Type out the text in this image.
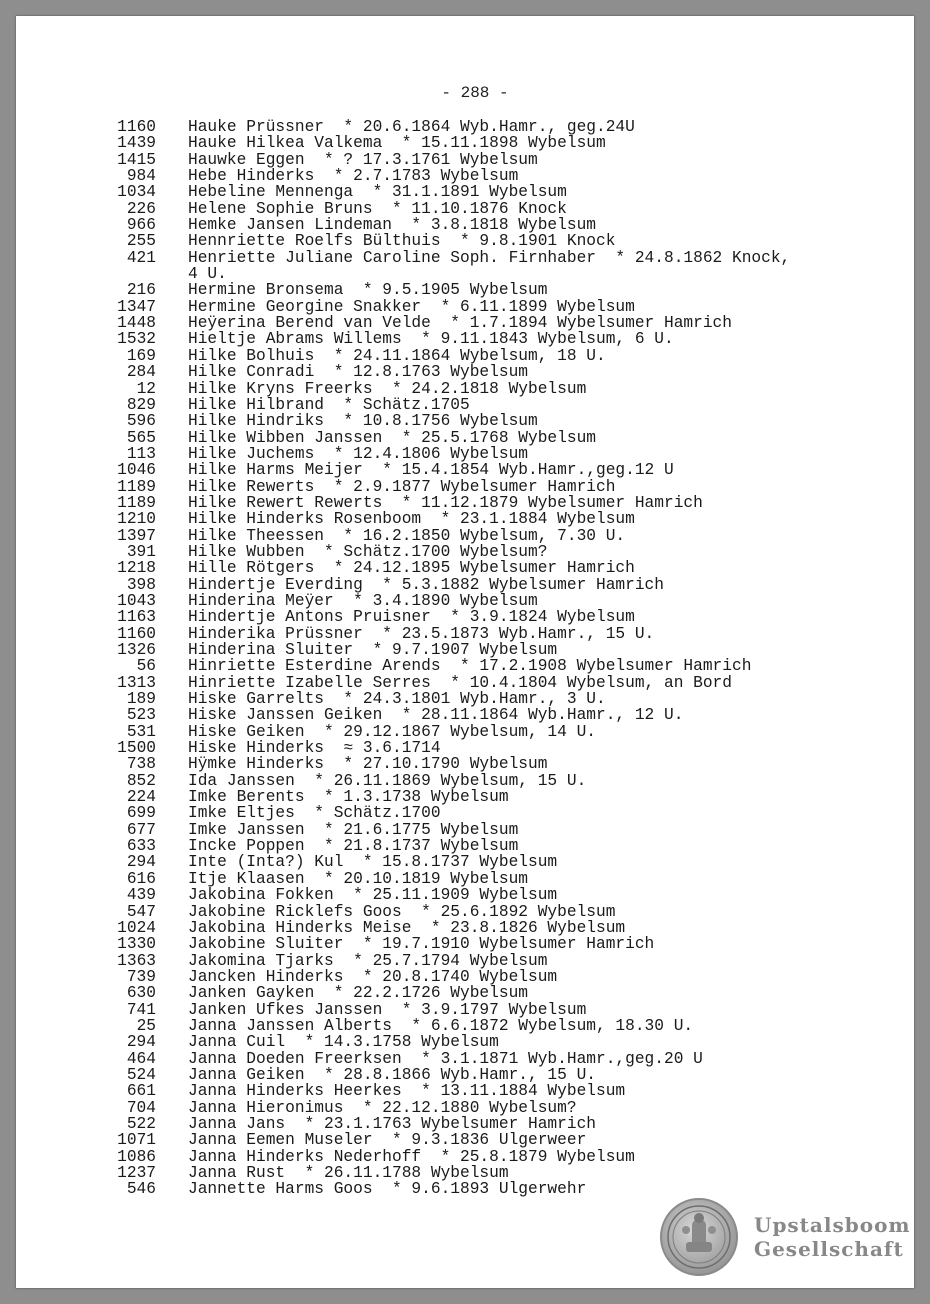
- 288 -
1160 Hauke Prüssner  * 20.6.1864 Wyb.Hamr., geg.24U
1439 Hauke Hilkea Valkema  * 15.11.1898 Wybelsum
1415 Hauwke Eggen  * ? 17.3.1761 Wybelsum
984 Hebe Hinderks  * 2.7.1783 Wybelsum
1034 Hebeline Mennenga  * 31.1.1891 Wybelsum
226 Helene Sophie Bruns  * 11.10.1876 Knock
966 Hemke Jansen Lindeman  * 3.8.1818 Wybelsum
255 Hennriette Roelfs Bülthuis  * 9.8.1901 Knock
421 Henriette Juliane Caroline Soph. Firnhaber  * 24.8.1862 Knock,
4 U.
216 Hermine Bronsema  * 9.5.1905 Wybelsum
1347 Hermine Georgine Snakker  * 6.11.1899 Wybelsum
1448 Heÿerina Berend van Velde  * 1.7.1894 Wybelsumer Hamrich
1532 Hieltje Abrams Willems  * 9.11.1843 Wybelsum, 6 U.
169 Hilke Bolhuis  * 24.11.1864 Wybelsum, 18 U.
284 Hilke Conradi  * 12.8.1763 Wybelsum
12 Hilke Kryns Freerks  * 24.2.1818 Wybelsum
829 Hilke Hilbrand  * Schätz.1705
596 Hilke Hindriks  * 10.8.1756 Wybelsum
565 Hilke Wibben Janssen  * 25.5.1768 Wybelsum
113 Hilke Juchems  * 12.4.1806 Wybelsum
1046 Hilke Harms Meijer  * 15.4.1854 Wyb.Hamr.,geg.12 U
1189 Hilke Rewerts  * 2.9.1877 Wybelsumer Hamrich
1189 Hilke Rewert Rewerts  * 11.12.1879 Wybelsumer Hamrich
1210 Hilke Hinderks Rosenboom  * 23.1.1884 Wybelsum
1397 Hilke Theessen  * 16.2.1850 Wybelsum, 7.30 U.
391 Hilke Wubben  * Schätz.1700 Wybelsum?
1218 Hille Rötgers  * 24.12.1895 Wybelsumer Hamrich
398 Hindertje Everding  * 5.3.1882 Wybelsumer Hamrich
1043 Hinderina Meÿer  * 3.4.1890 Wybelsum
1163 Hindertje Antons Pruisner  * 3.9.1824 Wybelsum
1160 Hinderika Prüssner  * 23.5.1873 Wyb.Hamr., 15 U.
1326 Hinderina Sluiter  * 9.7.1907 Wybelsum
56 Hinriette Esterdine Arends  * 17.2.1908 Wybelsumer Hamrich
1313 Hinriette Izabelle Serres  * 10.4.1804 Wybelsum, an Bord
189 Hiske Garrelts  * 24.3.1801 Wyb.Hamr., 3 U.
523 Hiske Janssen Geiken  * 28.11.1864 Wyb.Hamr., 12 U.
531 Hiske Geiken  * 29.12.1867 Wybelsum, 14 U.
1500 Hiske Hinderks  ≈ 3.6.1714
738 Hÿmke Hinderks  * 27.10.1790 Wybelsum
852 Ida Janssen  * 26.11.1869 Wybelsum, 15 U.
224 Imke Berents  * 1.3.1738 Wybelsum
699 Imke Eltjes  * Schätz.1700
677 Imke Janssen  * 21.6.1775 Wybelsum
633 Incke Poppen  * 21.8.1737 Wybelsum
294 Inte (Inta?) Kul  * 15.8.1737 Wybelsum
616 Itje Klaasen  * 20.10.1819 Wybelsum
439 Jakobina Fokken  * 25.11.1909 Wybelsum
547 Jakobine Ricklefs Goos  * 25.6.1892 Wybelsum
1024 Jakobina Hinderks Meise  * 23.8.1826 Wybelsum
1330 Jakobine Sluiter  * 19.7.1910 Wybelsumer Hamrich
1363 Jakomina Tjarks  * 25.7.1794 Wybelsum
739 Jancken Hinderks  * 20.8.1740 Wybelsum
630 Janken Gayken  * 22.2.1726 Wybelsum
741 Janken Ufkes Janssen  * 3.9.1797 Wybelsum
25 Janna Janssen Alberts  * 6.6.1872 Wybelsum, 18.30 U.
294 Janna Cuil  * 14.3.1758 Wybelsum
464 Janna Doeden Freerksen  * 3.1.1871 Wyb.Hamr.,geg.20 U
524 Janna Geiken  * 28.8.1866 Wyb.Hamr., 15 U.
661 Janna Hinderks Heerkes  * 13.11.1884 Wybelsum
704 Janna Hieronimus  * 22.12.1880 Wybelsum?
522 Janna Jans  * 23.1.1763 Wybelsumer Hamrich
1071 Janna Eemen Museler  * 9.3.1836 Ulgerweer
1086 Janna Hinderks Nederhoff  * 25.8.1879 Wybelsum
1237 Janna Rust  * 26.11.1788 Wybelsum
546 Jannette Harms Goos  * 9.6.1893 Ulgerwehr
Upstalsboom
Gesellschaft
